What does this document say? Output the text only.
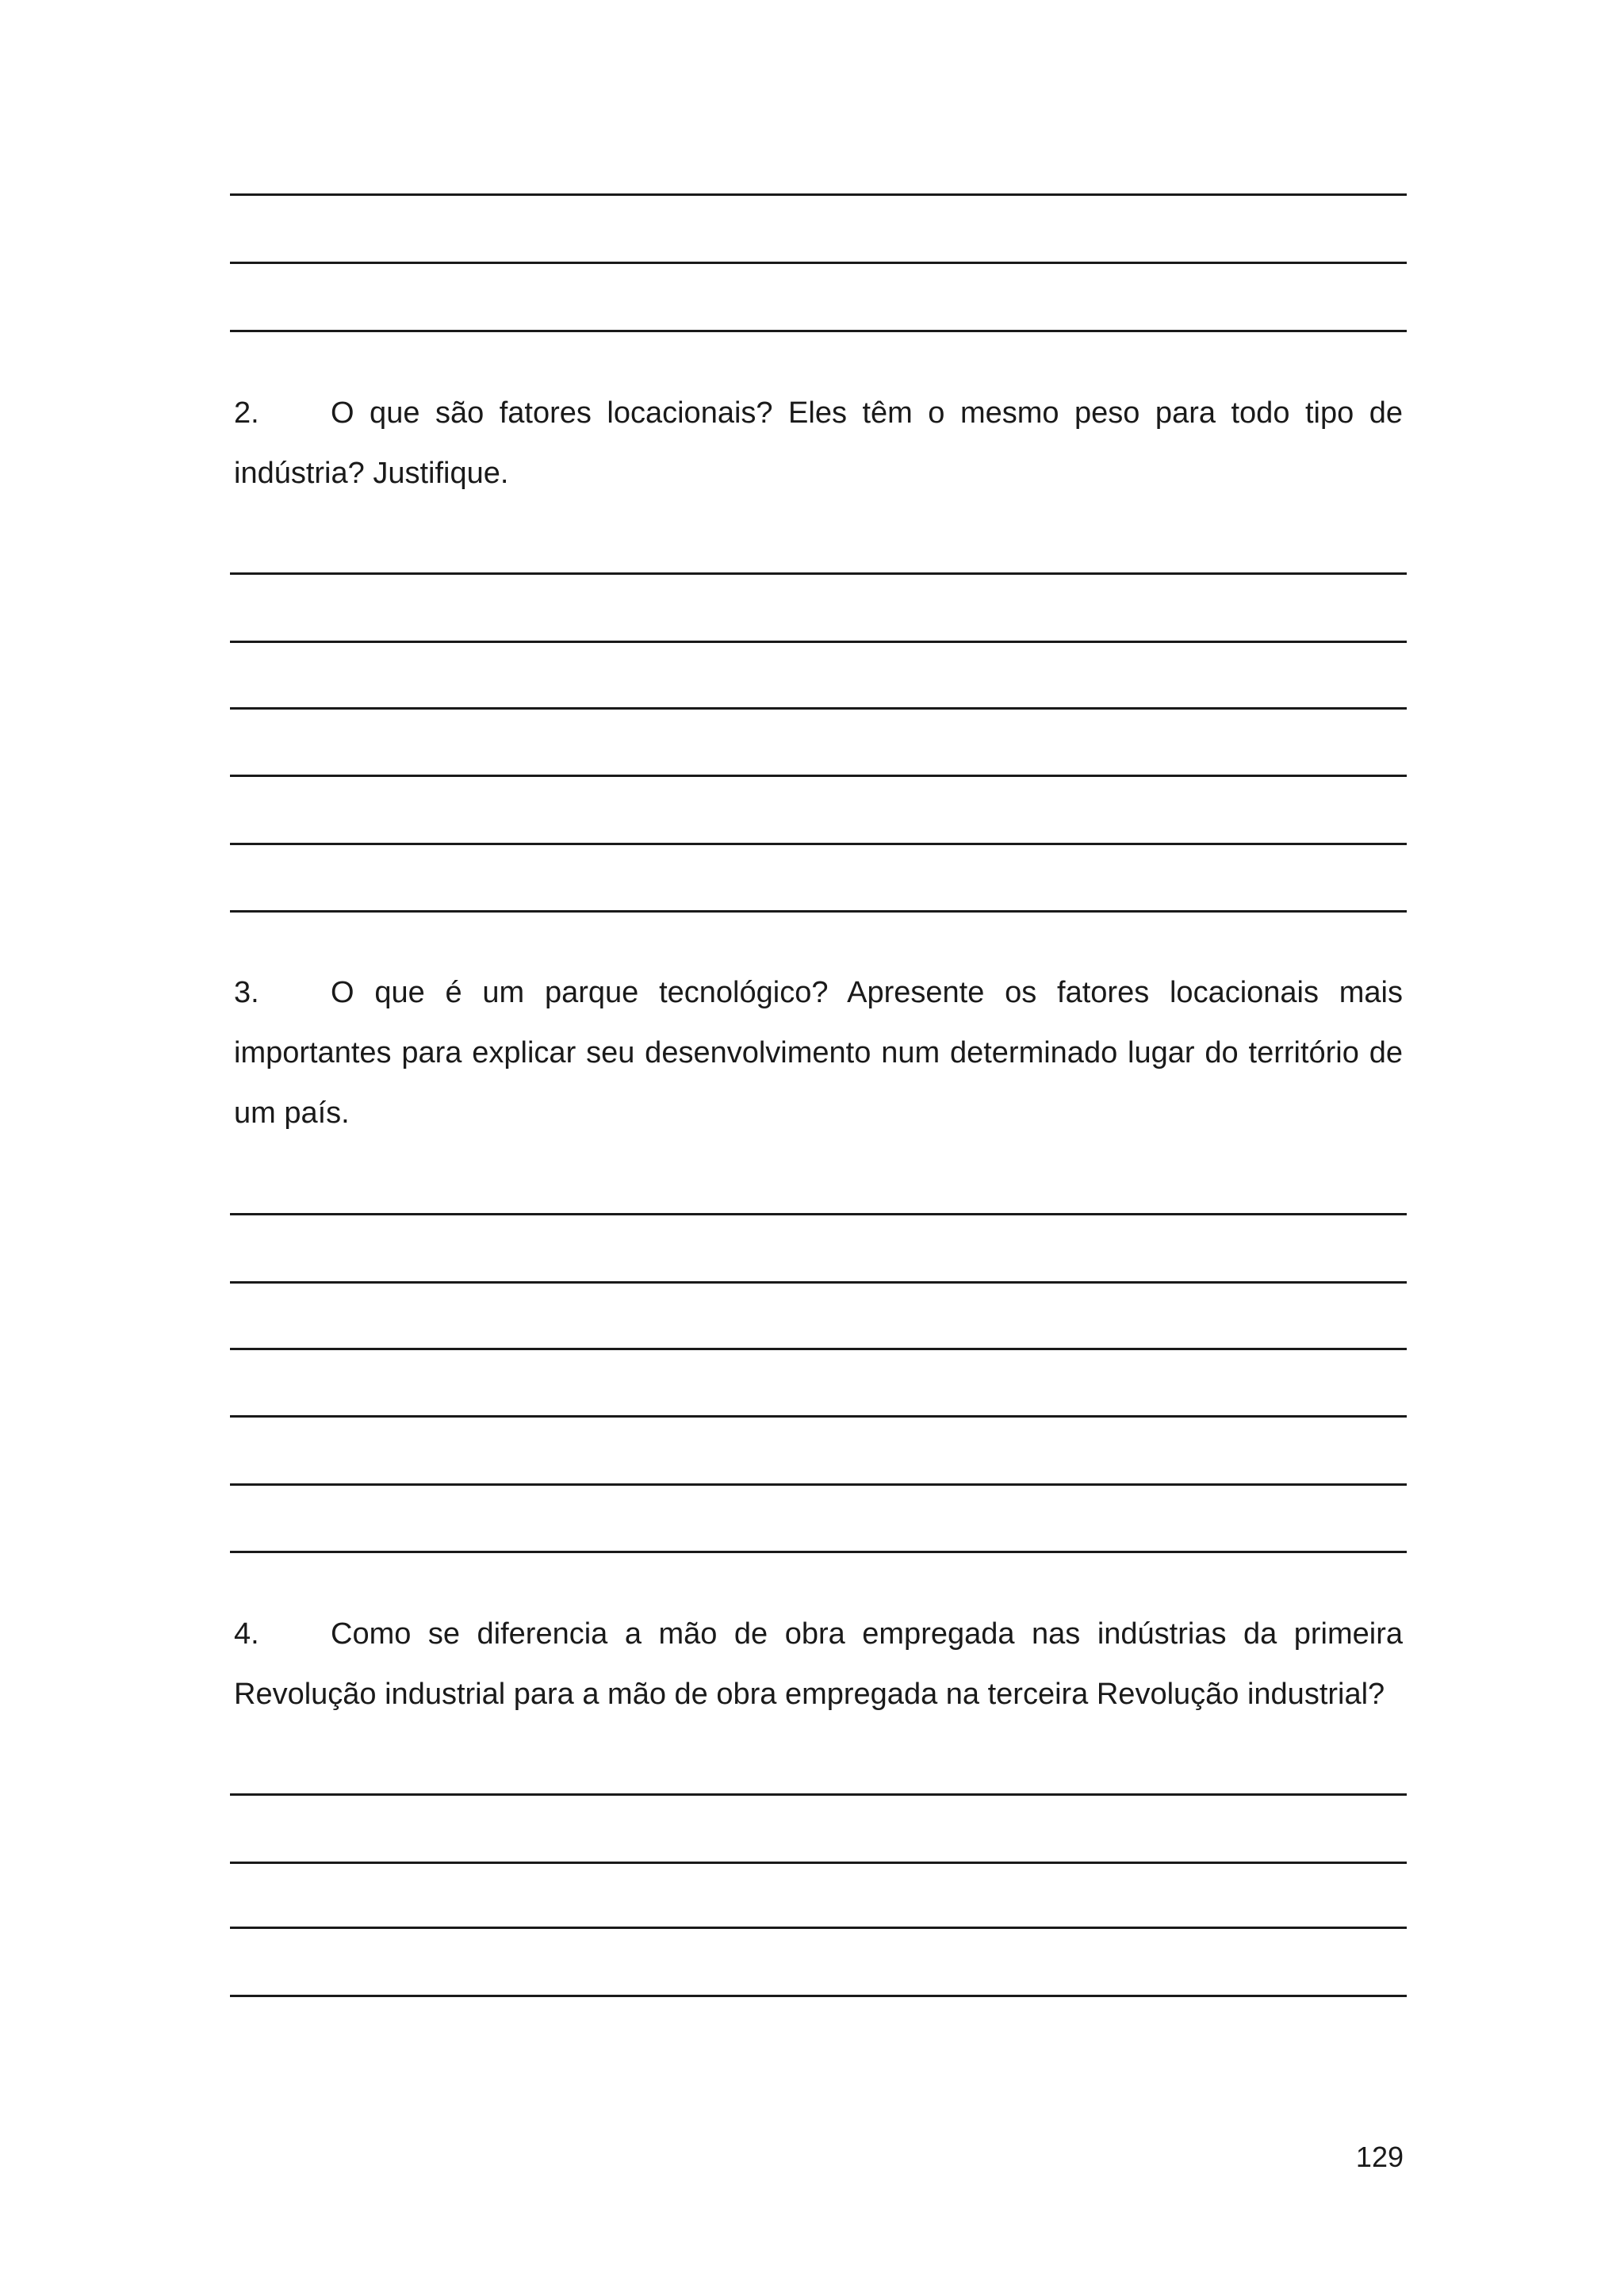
2. O que são fatores locacionais? Eles têm o mesmo peso para todo tipo de indústria? Justifique.
3. O que é um parque tecnológico? Apresente os fatores locacionais mais importantes para explicar seu desenvolvimento num determinado lugar do território de um país.
4. Como se diferencia a mão de obra empregada nas indústrias da primeira Revolução industrial para a mão de obra empregada na terceira Revolução industrial?
129
